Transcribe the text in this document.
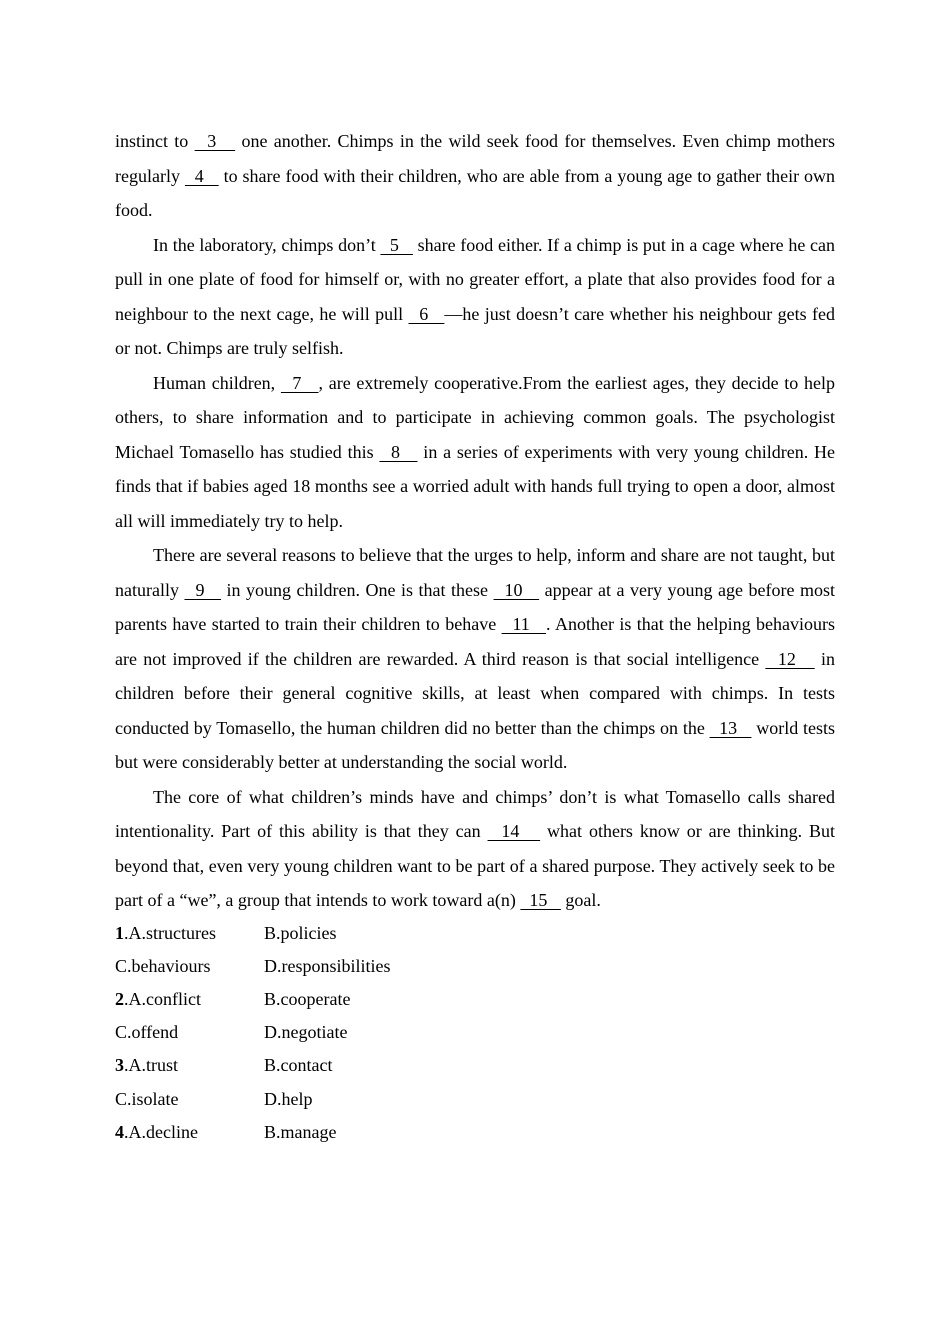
instinct to   3    one another. Chimps in the wild seek food for themselves. Even chimp mothers regularly   4    to share food with their children, who are able from a young age to gather their own food.

In the laboratory, chimps don’t   5    share food either. If a chimp is put in a cage where he can pull in one plate of food for himself or, with no greater effort, a plate that also provides food for a neighbour to the next cage, he will pull   6   —he just doesn’t care whether his neighbour gets fed or not. Chimps are truly selfish.

Human children,   7   , are extremely cooperative.From the earliest ages, they decide to help others, to share information and to participate in achieving common goals. The psychologist Michael Tomasello has studied this   8    in a series of experiments with very young children. He finds that if babies aged 18 months see a worried adult with hands full trying to open a door, almost all will immediately try to help.

There are several reasons to believe that the urges to help, inform and share are not taught, but naturally   9    in young children. One is that these   10    appear at a very young age before most parents have started to train their children to behave   11   . Another is that the helping behaviours are not improved if the children are rewarded. A third reason is that social intelligence   12    in children before their general cognitive skills, at least when compared with chimps. In tests conducted by Tomasello, the human children did no better than the chimps on the   13    world tests but were considerably better at understanding the social world.

The core of what children’s minds have and chimps’ don’t is what Tomasello calls shared intentionality. Part of this ability is that they can   14    what others know or are thinking. But beyond that, even very young children want to be part of a shared purpose. They actively seek to be part of a “we”, a group that intends to work toward a(n)   15    goal.

1.A.structures	B.policies
C.behaviours	D.responsibilities
2.A.conflict	B.cooperate
C.offend	D.negotiate
3.A.trust	B.contact
C.isolate	D.help
4.A.decline	B.manage
